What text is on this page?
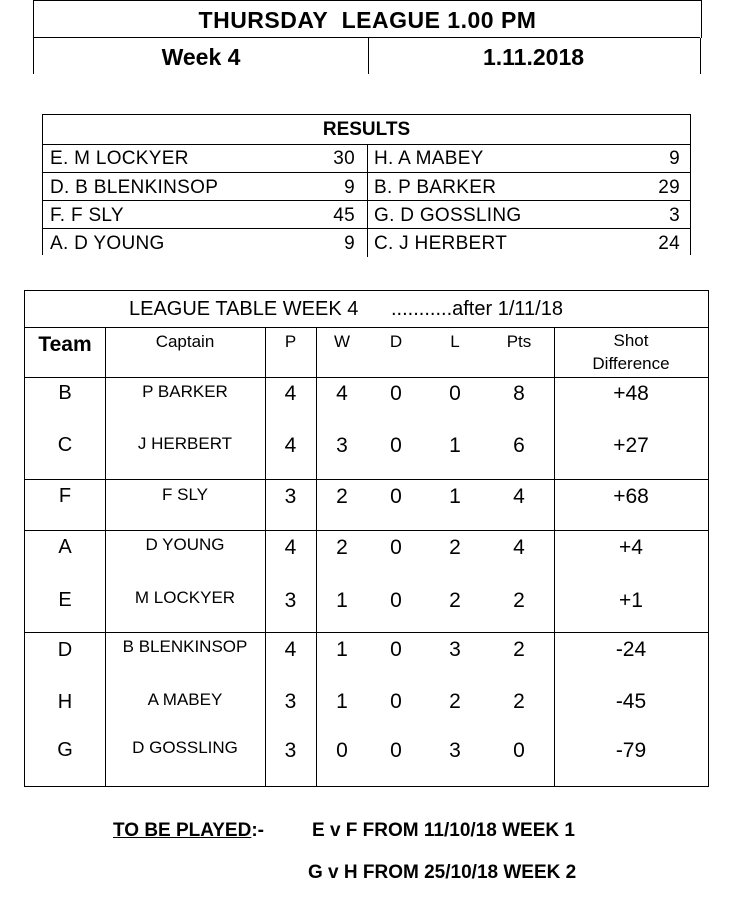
THURSDAY  LEAGUE 1.00 PM
Week 4	1.11.2018
RESULTS
E. M LOCKYER	30 H. A MABEY	9
D. B BLENKINSOP	9 B. P BARKER	29
F. F SLY	45 G. D GOSSLING	3
A. D YOUNG	9 C. J HERBERT	24
LEAGUE TABLE WEEK 4 ...........after 1/11/18
Team	Captain	P	W	D	L	Pts	Shot
Difference
B	P BARKER	4	4	0	0	8	+48
C	J HERBERT	4	3	0	1	6	+27
F	F SLY	3	2	0	1	4	+68
A	D YOUNG	4	2	0	2	4	+4
E	M LOCKYER	3	1	0	2	2	+1
D	B BLENKINSOP	4	1	0	3	2	-24
H	A MABEY	3	1	0	2	2	-45
G	D GOSSLING	3	0	0	3	0	-79
TO BE PLAYED:-	E v F FROM 11/10/18 WEEK 1
G v H FROM 25/10/18 WEEK 2
